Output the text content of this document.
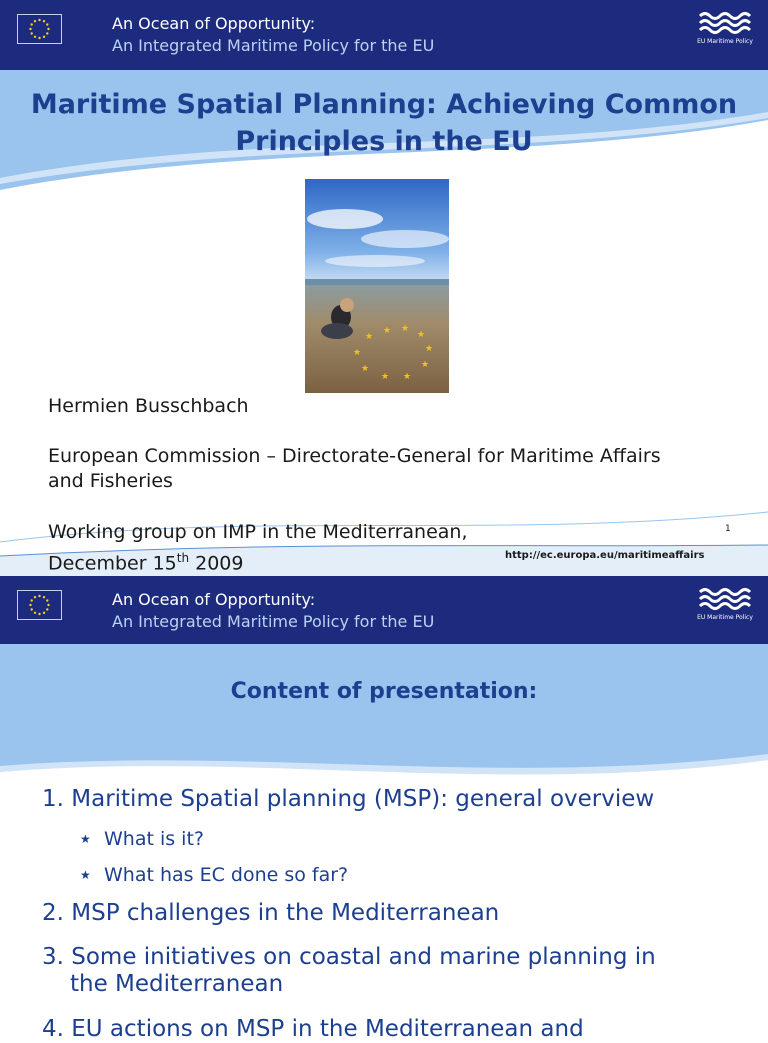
An Ocean of Opportunity:
An Integrated Maritime Policy for the EU	EU Maritime Policy
Maritime Spatial Planning: Achieving Common Principles in the EU
★
★ ★
★
★
★
★
★
★
★
Hermien Busschbach
European Commission – Directorate-General for Maritime Affairs and Fisheries
Working group on IMP in the Mediterranean,
December 15th 2009	http://ec.europa.eu/maritimeaffairs
1
An Ocean of Opportunity:
An Integrated Maritime Policy for the EU	EU Maritime Policy
Content of presentation:
1. Maritime Spatial planning (MSP): general overview
★ What is it?
★ What has EC done so far?
2. MSP challenges in the Mediterranean
3. Some initiatives on coastal and marine planning in
the Mediterranean
4. EU actions on MSP in the Mediterranean and
